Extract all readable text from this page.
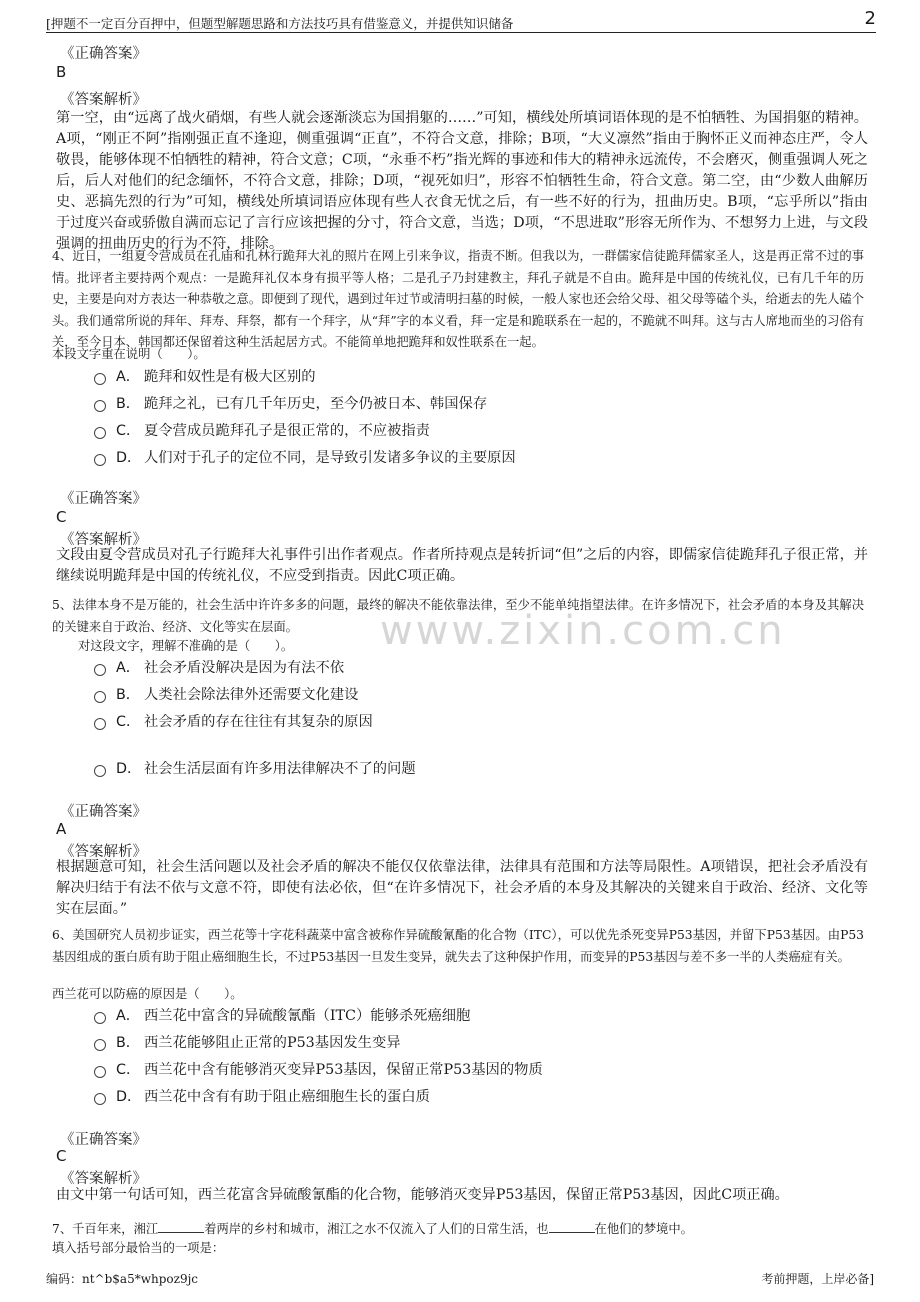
[押题不一定百分百押中，但题型解题思路和方法技巧具有借鉴意义，并提供知识储备	2
www.zixin.com.cn
《正确答案》
B
《答案解析》
第一空，由“远离了战火硝烟，有些人就会逐渐淡忘为国捐躯的……”可知，横线处所填词语体现的是不怕牺牲、为国捐躯的精神。A项，“刚正不阿”指刚强正直不逢迎，侧重强调“正直”，不符合文意，排除；B项，“大义凛然”指由于胸怀正义而神态庄严，令人敬畏，能够体现不怕牺牲的精神，符合文意；C项，“永垂不朽”指光辉的事迹和伟大的精神永远流传，不会磨灭，侧重强调人死之后，后人对他们的纪念缅怀，不符合文意，排除；D项，“视死如归”，形容不怕牺牲生命，符合文意。第二空，由“少数人曲解历史、恶搞先烈的行为”可知，横线处所填词语应体现有些人衣食无忧之后，有一些不好的行为，扭曲历史。B项，“忘乎所以”指由于过度兴奋或骄傲自满而忘记了言行应该把握的分寸，符合文意，当选；D项，“不思进取”形容无所作为、不想努力上进，与文段强调的扭曲历史的行为不符，排除。
4、近日，一组夏令营成员在孔庙和孔林行跪拜大礼的照片在网上引来争议，指责不断。但我以为，一群儒家信徒跪拜儒家圣人，这是再正常不过的事情。批评者主要持两个观点：一是跪拜礼仅本身有损平等人格；二是孔子乃封建教主，拜孔子就是不自由。跪拜是中国的传统礼仪，已有几千年的历史，主要是向对方表达一种恭敬之意。即便到了现代，遇到过年过节或清明扫墓的时候，一般人家也还会给父母、祖父母等磕个头，给逝去的先人磕个头。我们通常所说的拜年、拜寿、拜祭，都有一个拜字，从“拜”字的本义看，拜一定是和跪联系在一起的，不跪就不叫拜。这与古人席地而坐的习俗有关，至今日本、韩国都还保留着这种生活起居方式。不能简单地把跪拜和奴性联系在一起。
本段文字重在说明（　　）。
A． 跪拜和奴性是有极大区别的
B． 跪拜之礼，已有几千年历史，至今仍被日本、韩国保存
C． 夏令营成员跪拜孔子是很正常的，不应被指责
D． 人们对于孔子的定位不同，是导致引发诸多争议的主要原因
《正确答案》
C
《答案解析》
文段由夏令营成员对孔子行跪拜大礼事件引出作者观点。作者所持观点是转折词“但”之后的内容，即儒家信徒跪拜孔子很正常，并继续说明跪拜是中国的传统礼仪，不应受到指责。因此C项正确。
5、法律本身不是万能的，社会生活中许许多多的问题，最终的解决不能依靠法律，至少不能单纯指望法律。在许多情况下，社会矛盾的本身及其解决的关键来自于政治、经济、文化等实在层面。
对这段文字，理解不准确的是（　　）。
A． 社会矛盾没解决是因为有法不依
B． 人类社会除法律外还需要文化建设
C． 社会矛盾的存在往往有其复杂的原因
D． 社会生活层面有许多用法律解决不了的问题
《正确答案》
A
《答案解析》
根据题意可知，社会生活问题以及社会矛盾的解决不能仅仅依靠法律，法律具有范围和方法等局限性。A项错误，把社会矛盾没有解决归结于有法不依与文意不符，即使有法必依，但“在许多情况下，社会矛盾的本身及其解决的关键来自于政治、经济、文化等实在层面。”
6、美国研究人员初步证实，西兰花等十字花科蔬菜中富含被称作异硫酸氰酯的化合物（ITC），可以优先杀死变异P53基因，并留下P53基因。由P53基因组成的蛋白质有助于阻止癌细胞生长，不过P53基因一旦发生变异，就失去了这种保护作用，而变异的P53基因与差不多一半的人类癌症有关。
西兰花可以防癌的原因是（　　）。
A． 西兰花中富含的异硫酸氰酯（ITC）能够杀死癌细胞
B． 西兰花能够阻止正常的P53基因发生变异
C． 西兰花中含有能够消灭变异P53基因，保留正常P53基因的物质
D． 西兰花中含有有助于阻止癌细胞生长的蛋白质
《正确答案》
C
《答案解析》
由文中第一句话可知，西兰花富含异硫酸氰酯的化合物，能够消灭变异P53基因，保留正常P53基因，因此C项正确。
7、千百年来，湘江	着两岸的乡村和城市，湘江之水不仅流入了人们的日常生活，也	在他们的梦境中。
填入括号部分最恰当的一项是：
编码：nt^b$a5*whpoz9jc	考前押题，上岸必备]
